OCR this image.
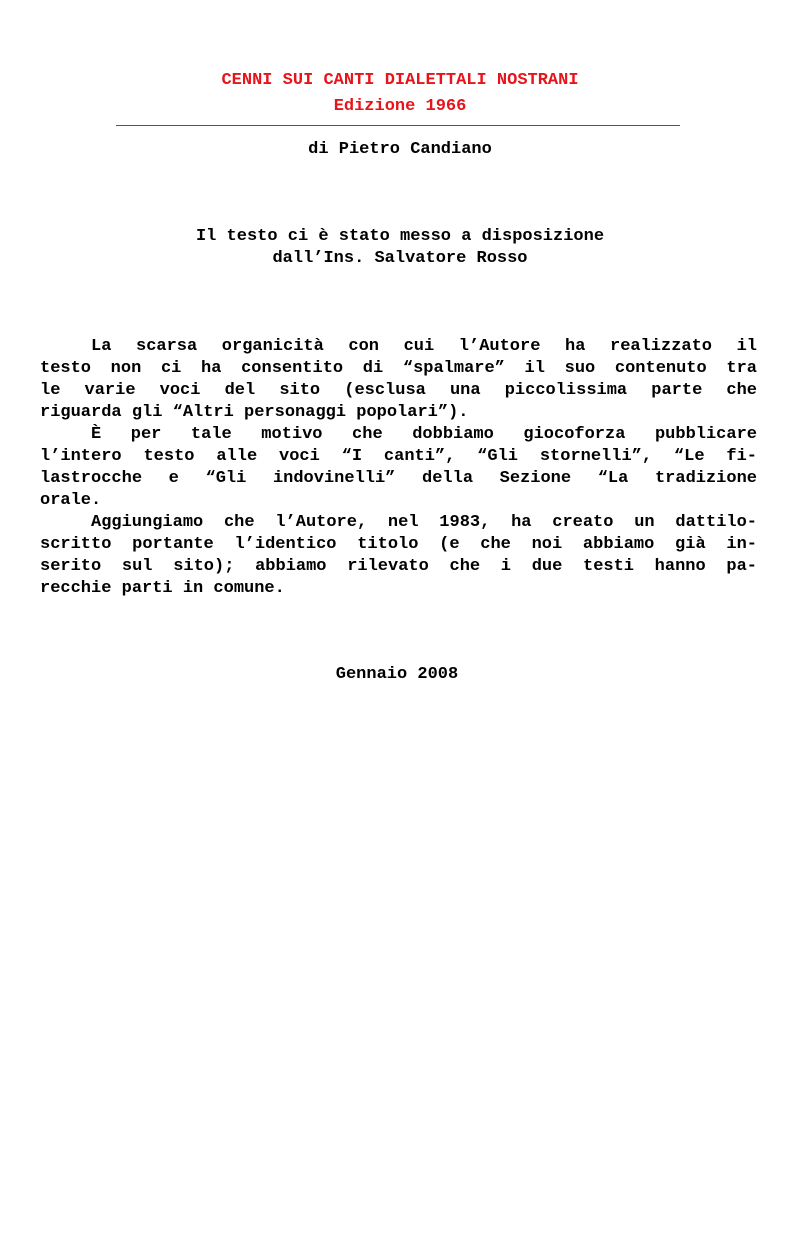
CENNI SUI CANTI DIALETTALI NOSTRANI
Edizione 1966
di Pietro Candiano
Il testo ci è stato messo a disposizione
dall’Ins. Salvatore Rosso
La scarsa organicità con cui l’Autore ha realizzato il
testo non ci ha consentito di “spalmare” il suo contenuto tra
le varie voci del sito (esclusa una piccolissima parte che
riguarda gli “Altri personaggi popolari”).
È per tale motivo che dobbiamo giocoforza pubblicare
l’intero testo alle voci “I canti”, “Gli stornelli”, “Le fi-
lastrocche e “Gli indovinelli” della Sezione “La tradizione
orale.
Aggiungiamo che l’Autore, nel 1983, ha creato un dattilo-
scritto portante l’identico titolo (e che noi abbiamo già in-
serito sul sito); abbiamo rilevato che i due testi hanno pa-
recchie parti in comune.
Gennaio 2008
